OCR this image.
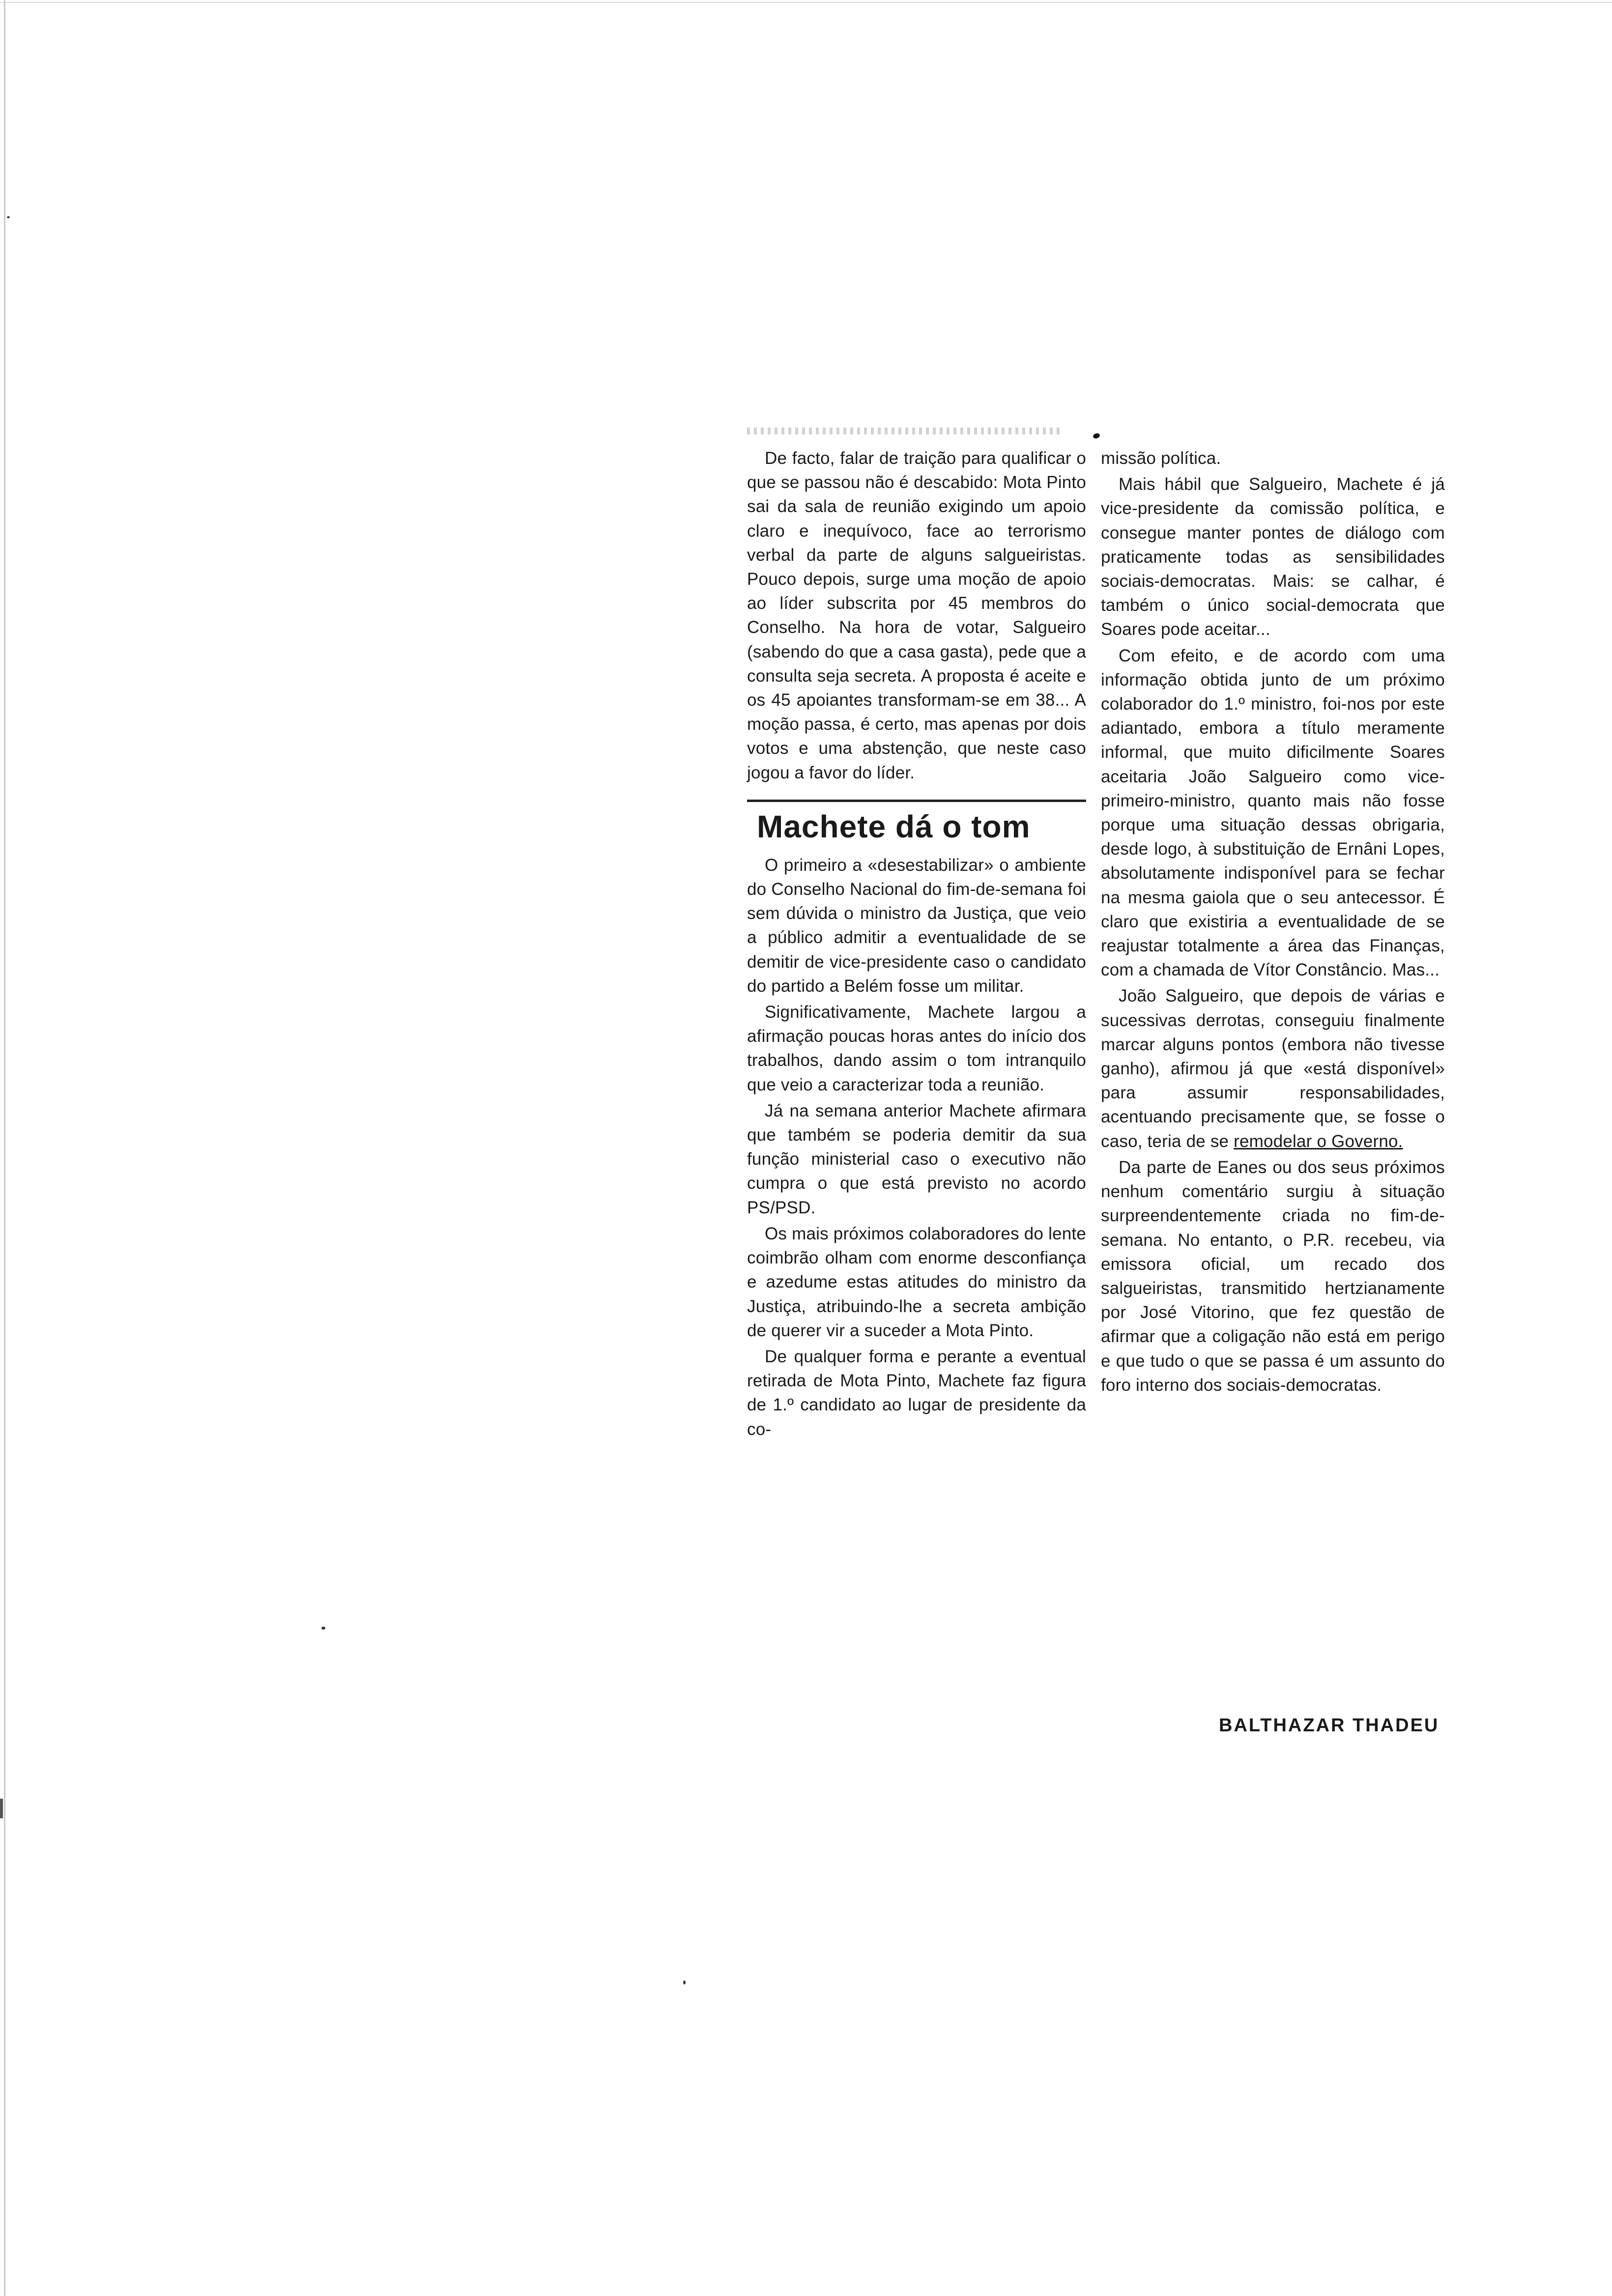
De facto, falar de traição para qualificar o que se passou não é descabido: Mota Pinto sai da sala de reunião exigindo um apoio claro e inequívoco, face ao terrorismo verbal da parte de alguns salgueiristas. Pouco depois, surge uma moção de apoio ao líder subscrita por 45 membros do Conselho. Na hora de votar, Salgueiro (sabendo do que a casa gasta), pede que a consulta seja secreta. A proposta é aceite e os 45 apoiantes transformam-se em 38... A moção passa, é certo, mas apenas por dois votos e uma abstenção, que neste caso jogou a favor do líder.

Machete dá o tom

O primeiro a «desestabilizar» o ambiente do Conselho Nacional do fim-de-semana foi sem dúvida o ministro da Justiça, que veio a público admitir a eventualidade de se demitir de vice-presidente caso o candidato do partido a Belém fosse um militar.

Significativamente, Machete largou a afirmação poucas horas antes do início dos trabalhos, dando assim o tom intranquilo que veio a caracterizar toda a reunião.

Já na semana anterior Machete afirmara que também se poderia demitir da sua função ministerial caso o executivo não cumpra o que está previsto no acordo PS/PSD.

Os mais próximos colaboradores do lente coimbrão olham com enorme desconfiança e azedume estas atitudes do ministro da Justiça, atribuindo-lhe a secreta ambição de querer vir a suceder a Mota Pinto.

De qualquer forma e perante a eventual retirada de Mota Pinto, Machete faz figura de 1.º candidato ao lugar de presidente da co-

missão política.

Mais hábil que Salgueiro, Machete é já vice-presidente da comissão política, e consegue manter pontes de diálogo com praticamente todas as sensibilidades sociais-democratas. Mais: se calhar, é também o único social-democrata que Soares pode aceitar...

Com efeito, e de acordo com uma informação obtida junto de um próximo colaborador do 1.º ministro, foi-nos por este adiantado, embora a título meramente informal, que muito dificilmente Soares aceitaria João Salgueiro como vice-primeiro-ministro, quanto mais não fosse porque uma situação dessas obrigaria, desde logo, à substituição de Ernâni Lopes, absolutamente indisponível para se fechar na mesma gaiola que o seu antecessor. É claro que existiria a eventualidade de se reajustar totalmente a área das Finanças, com a chamada de Vítor Constâncio. Mas...

João Salgueiro, que depois de várias e sucessivas derrotas, conseguiu finalmente marcar alguns pontos (embora não tivesse ganho), afirmou já que «está disponível» para assumir responsabilidades, acentuando precisamente que, se fosse o caso, teria de se remodelar o Governo.

Da parte de Eanes ou dos seus próximos nenhum comentário surgiu à situação surpreendentemente criada no fim-de-semana. No entanto, o P.R. recebeu, via emissora oficial, um recado dos salgueiristas, transmitido hertzianamente por José Vitorino, que fez questão de afirmar que a coligação não está em perigo e que tudo o que se passa é um assunto do foro interno dos sociais-democratas.

BALTHAZAR THADEU
